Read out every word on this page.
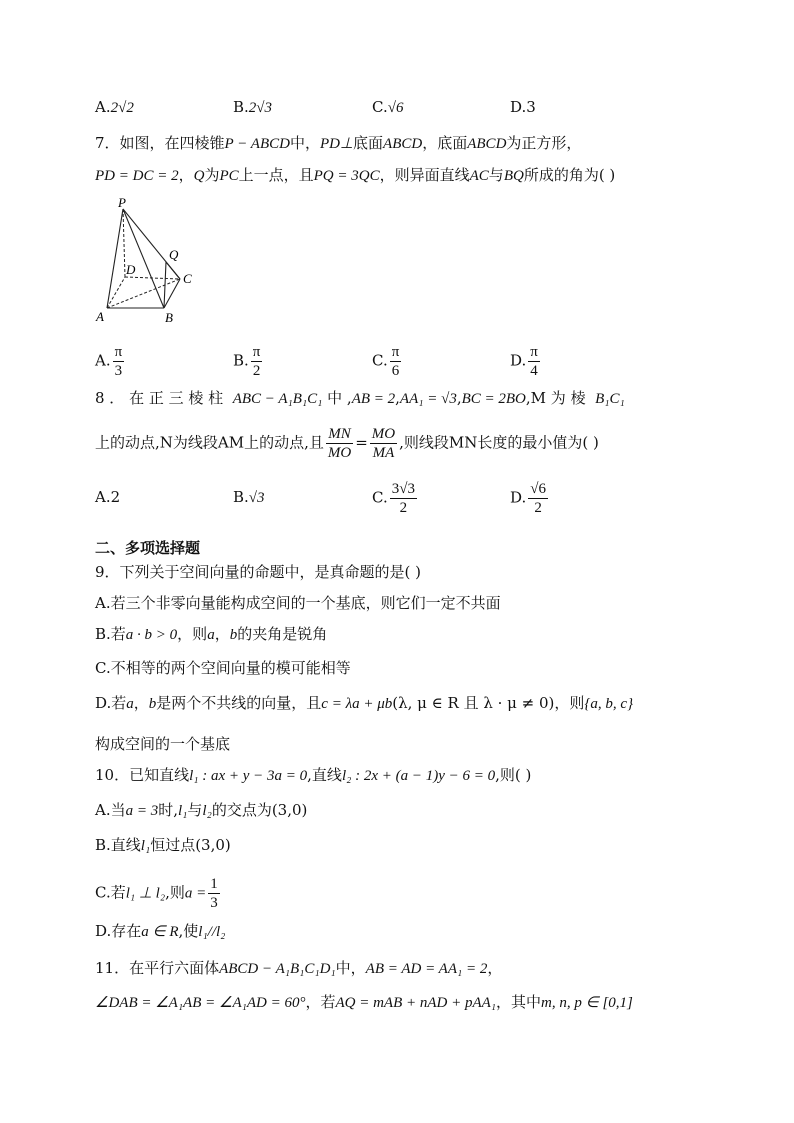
A.2√2	B.2√3	C.√6	D.3
7．如图，在四棱锥P − ABCD中，PD⊥底面ABCD，底面ABCD为正方形，
PD = DC = 2，Q为PC上一点，且PQ = 3QC，则异面直线AC与BQ所成的角为( )
P
D
Q
C
A	B
A. $\frac{\pi}{3}$	B. $\frac{\pi}{2}$	C. $\frac{\pi}{6}$	D. $\frac{\pi}{4}$
8 ． 在 正 三 棱 柱 ABC − A₁B₁C₁ 中 ,AB = 2,AA₁ = √3,BC = 2BO,M 为 棱 B₁C₁
上的动点,N为线段AM上的动点,且 $\frac{MN}{MO} = \frac{MO}{MA}$ ,则线段MN长度的最小值为( )
A.2	B.√3	C. $\frac{3√3}{2}$	D. $\frac{√6}{2}$
二、多项选择题
9．下列关于空间向量的命题中，是真命题的是( )
A.若三个非零向量能构成空间的一个基底，则它们一定不共面
B.若a · b > 0，则a，b的夹角是锐角
C.不相等的两个空间向量的模可能相等
D.若a，b是两个不共线的向量，且c = λa + μb(λ, μ ∈ R 且 λ · μ ≠ 0)，则{a, b, c}
构成空间的一个基底
10．已知直线l₁ : ax + y − 3a = 0,直线l₂ : 2x + (a − 1)y − 6 = 0,则( )
A.当a = 3时,l₁与l₂的交点为(3,0)
B.直线l₁恒过点(3,0)
C.若l₁ ⊥ l₂,则$a = \frac{1}{3}$
D.存在a ∈ R,使l₁//l₂
11．在平行六面体ABCD − A₁B₁C₁D₁中，AB = AD = AA₁ = 2，
∠DAB = ∠A₁AB = ∠A₁AD = 60°，若AQ = mAB + nAD + pAA₁，其中m, n, p ∈ [0,1]
